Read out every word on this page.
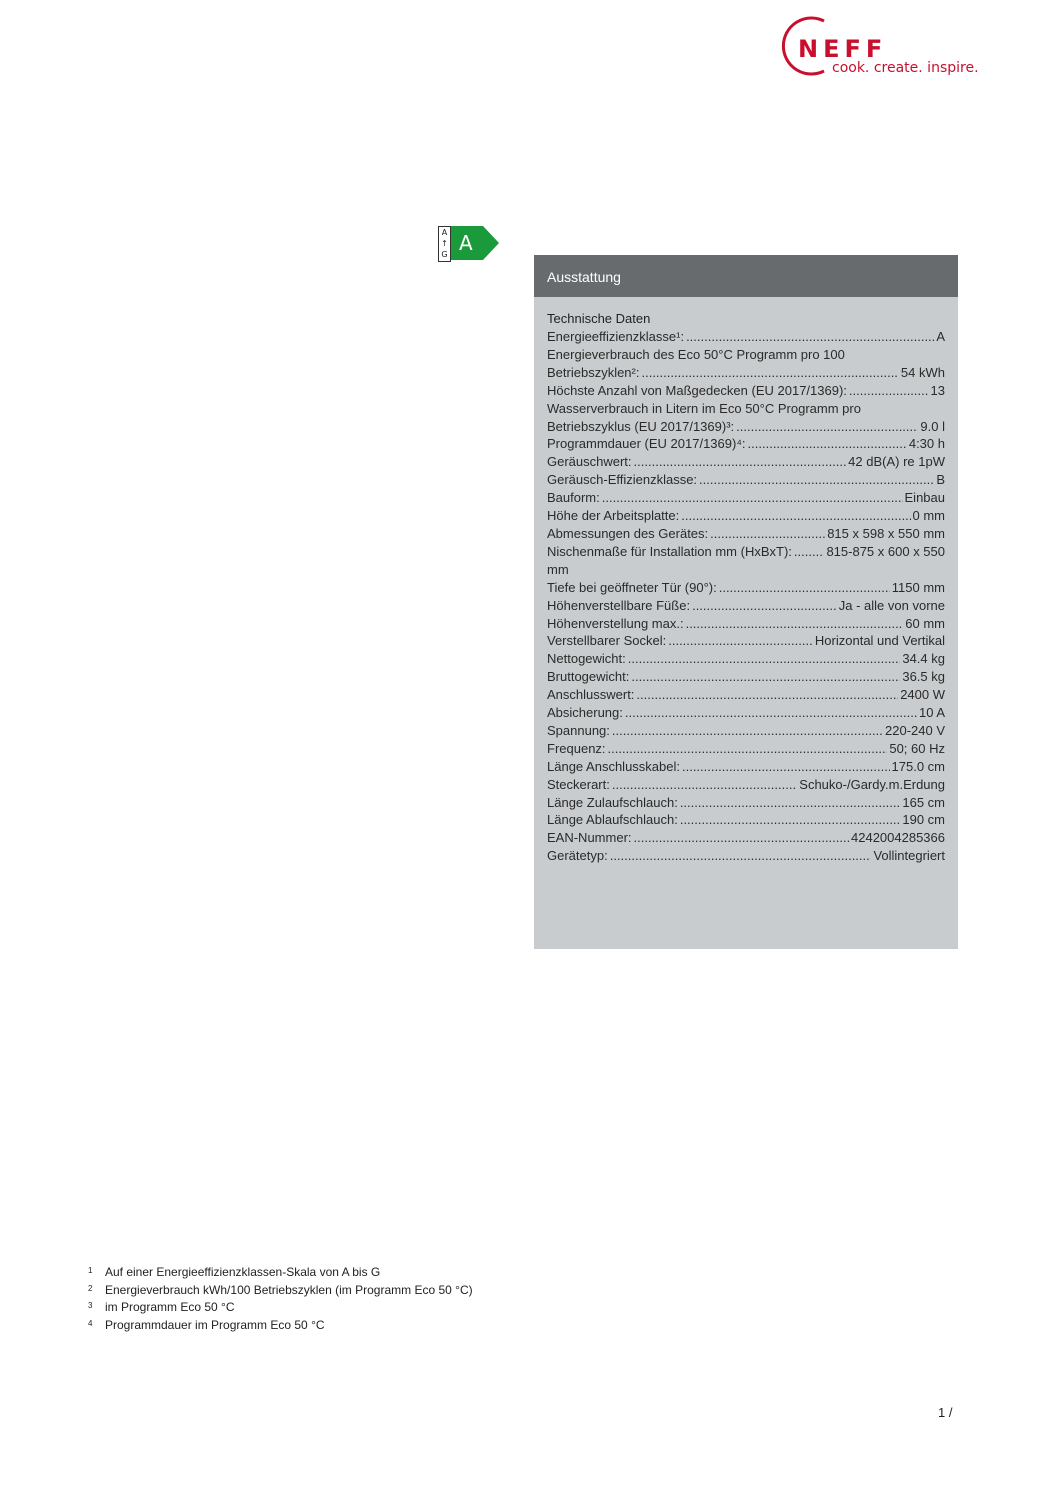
NEFF
cook. create. inspire.
A
↑
G A
Ausstattung
Technische Daten
Energieeffizienzklasse¹: .....	A
Energieverbrauch des Eco 50°C Programm pro 100
Betriebszyklen²: .....	54 kWh
Höchste Anzahl von Maßgedecken (EU 2017/1369): .....	13
Wasserverbrauch in Litern im Eco 50°C Programm pro
Betriebszyklus (EU 2017/1369)³: .....	9.0 l
Programmdauer (EU 2017/1369)⁴: .....	4:30 h
Geräuschwert: .....	42 dB(A) re 1pW
Geräusch-Effizienzklasse: .....	B
Bauform: .....	Einbau
Höhe der Arbeitsplatte: .....	0 mm
Abmessungen des Gerätes: .....	815 x 598 x 550 mm
Nischenmaße für Installation mm (HxBxT): .....	815-875 x 600 x 550
mm
Tiefe bei geöffneter Tür (90°): .....	1150 mm
Höhenverstellbare Füße: .....	Ja - alle von vorne
Höhenverstellung max.: .....	60 mm
Verstellbarer Sockel: .....	Horizontal und Vertikal
Nettogewicht: .....	34.4 kg
Bruttogewicht: .....	36.5 kg
Anschlusswert: .....	2400 W
Absicherung: .....	10 A
Spannung: .....	220-240 V
Frequenz: .....	50; 60 Hz
Länge Anschlusskabel: .....	175.0 cm
Steckerart: .....	Schuko-/Gardy.m.Erdung
Länge Zulaufschlauch: .....	165 cm
Länge Ablaufschlauch: .....	190 cm
EAN-Nummer: .....	4242004285366
Gerätetyp: .....	Vollintegriert
1	Auf einer Energieeffizienzklassen-Skala von A bis G
2	Energieverbrauch kWh/100 Betriebszyklen (im Programm Eco 50 °C)
3	im Programm Eco 50 °C
4	Programmdauer im Programm Eco 50 °C
1 /
